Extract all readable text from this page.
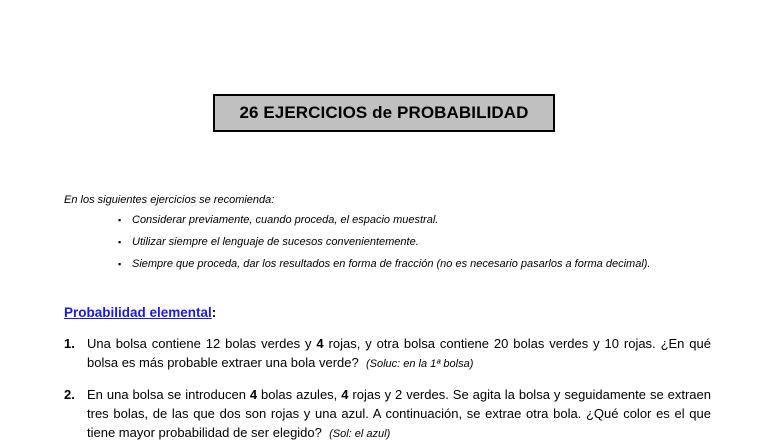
26 EJERCICIOS de PROBABILIDAD
En los siguientes ejercicios se recomienda:
▪ Considerar previamente, cuando proceda, el espacio muestral.
▪ Utilizar siempre el lenguaje de sucesos convenientemente.
▪ Siempre que proceda, dar los resultados en forma de fracción (no es necesario pasarlos a forma decimal).
Probabilidad elemental:
1. Una bolsa contiene 12 bolas verdes y 4 rojas, y otra bolsa contiene 20 bolas verdes y 10 rojas. ¿En qué bolsa es más probable extraer una bola verde? (Soluc: en la 1ª bolsa)
2. En una bolsa se introducen 4 bolas azules, 4 rojas y 2 verdes. Se agita la bolsa y seguidamente se extraen tres bolas, de las que dos son rojas y una azul. A continuación, se extrae otra bola. ¿Qué color es el que tiene mayor probabilidad de ser elegido? (Sol: el azul)
